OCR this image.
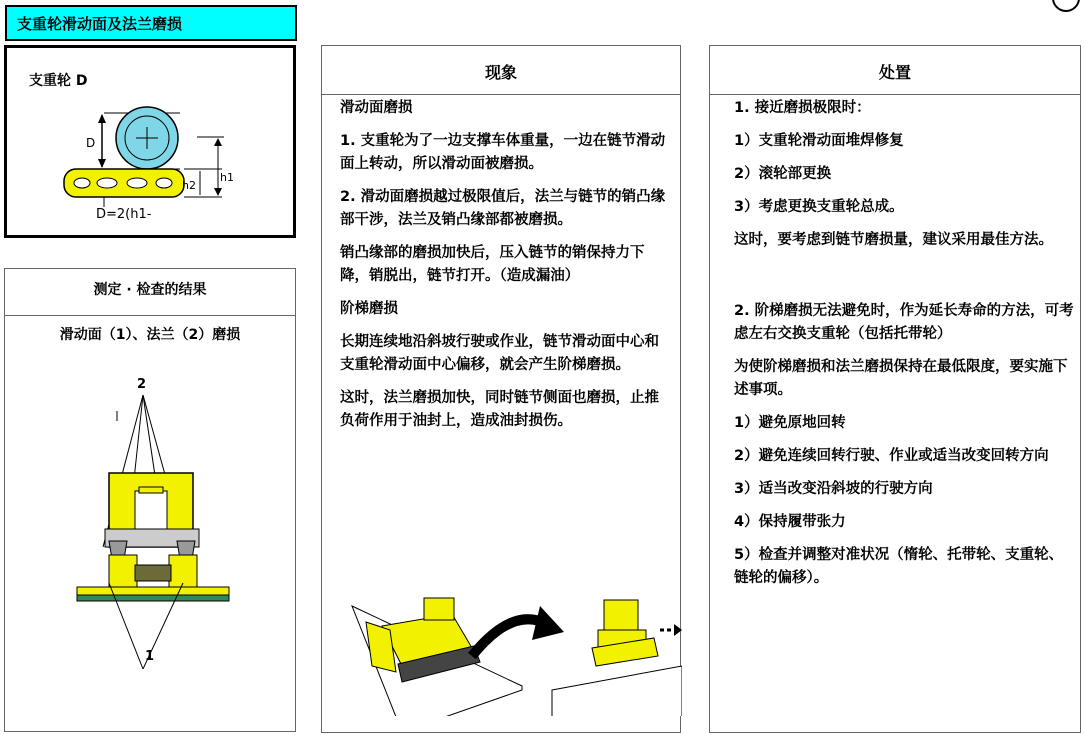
支重轮滑动面及法兰磨损
支重轮 D
D
h2
h1
D=2(h1-
测定 · 检查的结果
滑动面（1）、法兰（2）磨损
2
1
现象

滑动面磨损

1. 支重轮为了一边支撑车体重量，一边在链节滑动面上转动，所以滑动面被磨损。

2. 滑动面磨损越过极限值后，法兰与链节的销凸缘部干涉，法兰及销凸缘部都被磨损。

销凸缘部的磨损加快后，压入链节的销保持力下降，销脱出，链节打开。（造成漏油）

阶梯磨损

长期连续地沿斜坡行驶或作业，链节滑动面中心和支重轮滑动面中心偏移，就会产生阶梯磨损。

这时，法兰磨损加快，同时链节侧面也磨损，止推负荷作用于油封上，造成油封损伤。

处置

1. 接近磨损极限时：

1）支重轮滑动面堆焊修复

2）滚轮部更换

3）考虑更换支重轮总成。

这时，要考虑到链节磨损量，建议采用最佳方法。

2. 阶梯磨损无法避免时，作为延长寿命的方法，可考虑左右交换支重轮（包括托带轮）

为使阶梯磨损和法兰磨损保持在最低限度，要实施下述事项。

1）避免原地回转

2）避免连续回转行驶、作业或适当改变回转方向

3）适当改变沿斜坡的行驶方向

4）保持履带张力

5）检查并调整对准状况（惰轮、托带轮、支重轮、链轮的偏移）。
